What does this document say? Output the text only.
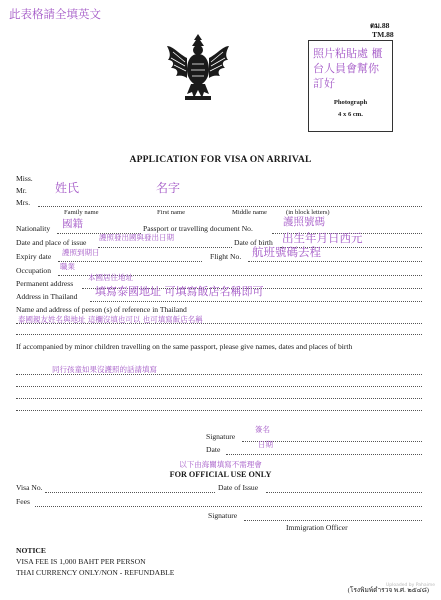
此表格請全填英文
ตม.88
TM.88
照片粘貼處 櫃台人員會幫你訂好
Photograph
4 x 6 cm.
APPLICATION FOR VISA ON ARRIVAL
Miss.
Mr. 姓氏	名字
Mrs.
Family name	First name	Middle name	(in block letters)
國籍	護照號碼
Nationality	Passport or travelling document No.
護照發出國與發出日期
Date and place of issue	Date of birth 出生年月日西元
護照到期日
Expiry date	Flight No. 航班號碼去程
職業
Occupation
本國居住地址
Permanent address
Address in Thailand 填寫泰國地址 可填寫飯店名稱即可
Name and address of person (s) of reference in Thailand
泰國親友姓名與地址 這欄沒填也可以 也可填寫飯店名稱
If accompanied by minor children travelling on the same passport, please give names, dates and places of birth
同行孩童如果沒護照的話請填寫
簽名
Signature
日期
Date
以下由海關填寫不需理會
FOR OFFICIAL USE ONLY
Visa No.	Date of Issue
Fees
Signature
Immigration Officer
NOTICE
VISA FEE IS 1,000 BAHT PER PERSON
THAI CURRENCY ONLY/NON - REFUNDABLE
(โรงพิมพ์ตำรวจ พ.ศ. ๒๕๔๘)
Uploaded by Pahaime
